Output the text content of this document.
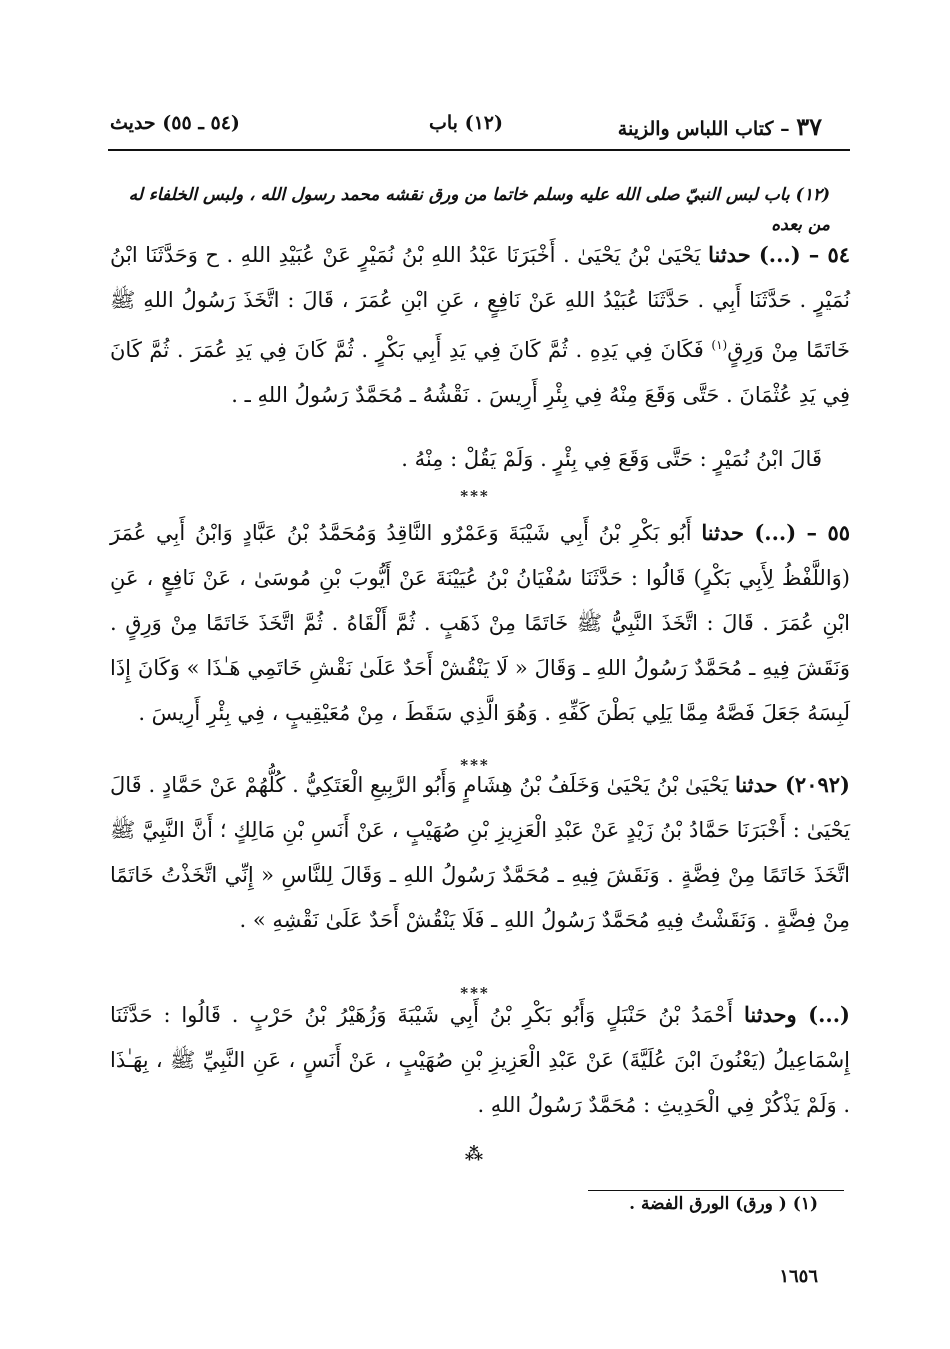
٣٧ – كتاب اللباس والزينة
(١٢) باب
(٥٤ ـ ٥٥) حديث
(١٢) باب لبس النبيّ صلى الله عليه وسلم خاتما من ورق نقشه محمد رسول الله ، ولبس الخلفاء له من بعده
٥٤ – (...) حدثنا يَحْيَىٰ بْنُ يَحْيَىٰ . أَخْبَرَنَا عَبْدُ اللهِ بْنُ نُمَيْرٍ عَنْ عُبَيْدِ اللهِ . ح وَحَدَّثَنَا ابْنُ نُمَيْرٍ . حَدَّثَنَا أَبِي . حَدَّثَنَا عُبَيْدُ اللهِ عَنْ نَافِعٍ ، عَنِ ابْنِ عُمَرَ ، قَالَ : اتَّخَذَ رَسُولُ اللهِ ﷺ خَاتَمًا مِنْ وَرِقٍ$^{(١)}$ فَكَانَ فِي يَدِهِ . ثُمَّ كَانَ فِي يَدِ أَبِي بَكْرٍ . ثُمَّ كَانَ فِي يَدِ عُمَرَ . ثُمَّ كَانَ فِي يَدِ عُثْمَانَ . حَتَّى وَقَعَ مِنْهُ فِي بِئْرِ أَرِيسَ . نَقْشُهُ ـ مُحَمَّدٌ رَسُولُ اللهِ ـ .
قَالَ ابْنُ نُمَيْرٍ : حَتَّى وَقَعَ فِي بِئْرٍ . وَلَمْ يَقُلْ : مِنْهُ .
***
٥٥ – (...) حدثنا أَبُو بَكْرِ بْنُ أَبِي شَيْبَةَ وَعَمْرٌو النَّاقِدُ وَمُحَمَّدُ بْنُ عَبَّادٍ وَابْنُ أَبِي عُمَرَ (وَاللَّفْظُ لِأَبِي بَكْرٍ) قَالُوا : حَدَّثَنَا سُفْيَانُ بْنُ عُيَيْنَةَ عَنْ أَيُّوبَ بْنِ مُوسَىٰ ، عَنْ نَافِعٍ ، عَنِ ابْنِ عُمَرَ . قَالَ : اتَّخَذَ النَّبِيُّ ﷺ خَاتَمًا مِنْ ذَهَبٍ . ثُمَّ أَلْقَاهُ . ثُمَّ اتَّخَذَ خَاتَمًا مِنْ وَرِقٍ . وَنَقَشَ فِيهِ ـ مُحَمَّدٌ رَسُولُ اللهِ ـ وَقَالَ « لَا يَنْقُشْ أَحَدٌ عَلَىٰ نَقْشِ خَاتَمِي هَـٰذَا » وَكَانَ إِذَا لَبِسَهُ جَعَلَ فَصَّهُ مِمَّا يَلِي بَطْنَ كَفِّهِ . وَهُوَ الَّذِي سَقَطَ ، مِنْ مُعَيْقِيبٍ ، فِي بِئْرِ أَرِيسَ .
***
(٢٠٩٢) حدثنا يَحْيَىٰ بْنُ يَحْيَىٰ وَخَلَفُ بْنُ هِشَامٍ وَأَبُو الرَّبِيعِ الْعَتَكِيُّ . كُلُّهُمْ عَنْ حَمَّادٍ . قَالَ يَحْيَىٰ : أَخْبَرَنَا حَمَّادُ بْنُ زَيْدٍ عَنْ عَبْدِ الْعَزِيزِ بْنِ صُهَيْبٍ ، عَنْ أَنَسِ بْنِ مَالِكٍ ؛ أَنَّ النَّبِيَّ ﷺ اتَّخَذَ خَاتَمًا مِنْ فِضَّةٍ . وَنَقَشَ فِيهِ ـ مُحَمَّدٌ رَسُولُ اللهِ ـ وَقَالَ لِلنَّاسِ « إِنِّي اتَّخَذْتُ خَاتَمًا مِنْ فِضَّةٍ . وَنَقَشْتُ فِيهِ مُحَمَّدٌ رَسُولُ اللهِ ـ فَلَا يَنْقُشْ أَحَدٌ عَلَىٰ نَقْشِهِ » .
***
(...) وحدثنا أَحْمَدُ بْنُ حَنْبَلٍ وَأَبُو بَكْرِ بْنُ أَبِي شَيْبَةَ وَزُهَيْرُ بْنُ حَرْبٍ . قَالُوا : حَدَّثَنَا إِسْمَاعِيلُ (يَعْنُونَ ابْنَ عُلَيَّةَ) عَنْ عَبْدِ الْعَزِيزِ بْنِ صُهَيْبٍ ، عَنْ أَنَسٍ ، عَنِ النَّبِيِّ ﷺ ، بِهَـٰذَا . وَلَمْ يَذْكُرْ فِي الْحَدِيثِ : مُحَمَّدٌ رَسُولُ اللهِ .
⁂
(١) ( ورق) الورق الفضة .
١٦٥٦
